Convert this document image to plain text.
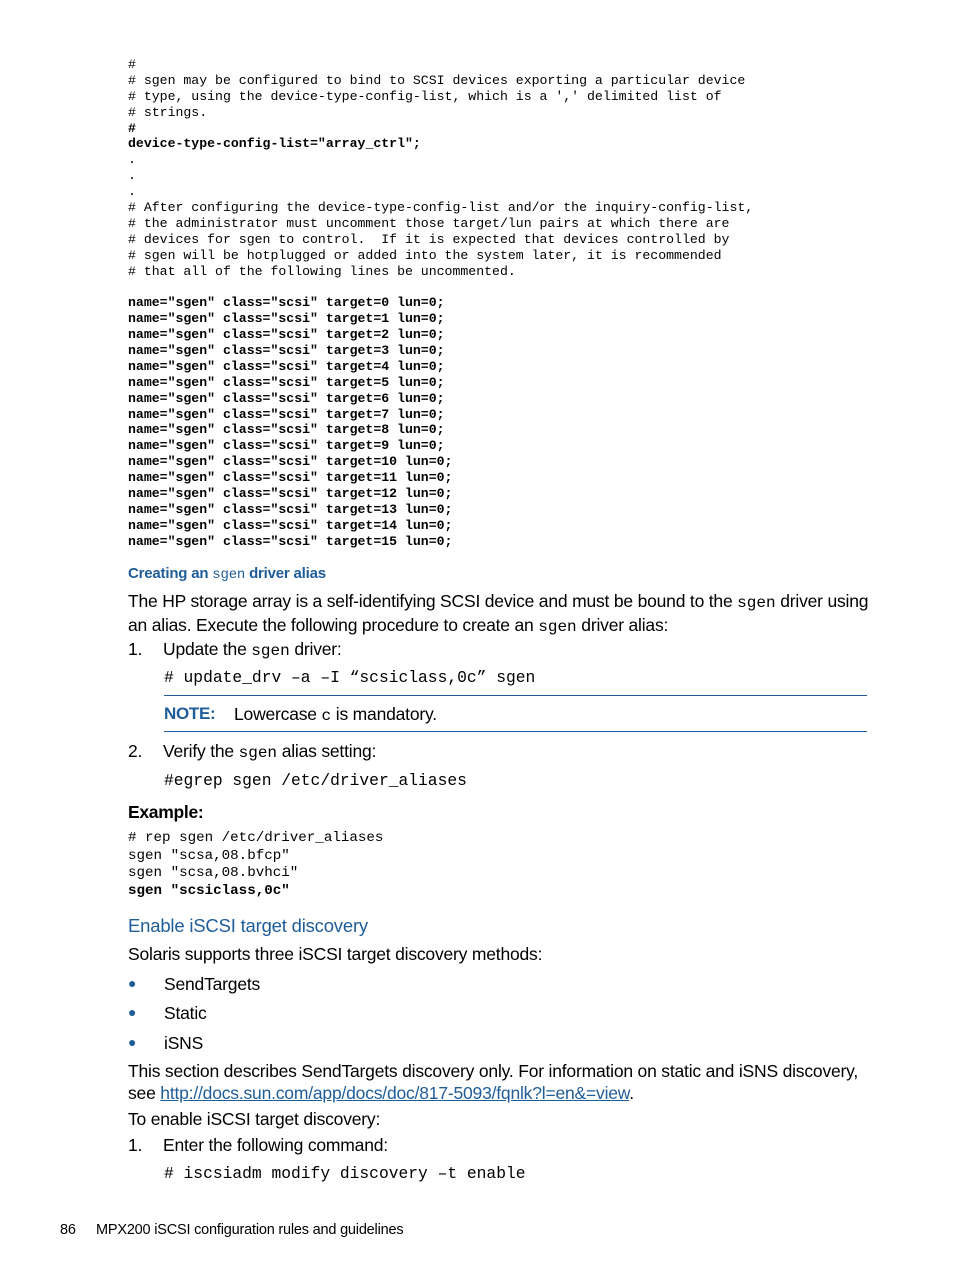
#
# sgen may be configured to bind to SCSI devices exporting a particular device
# type, using the device-type-config-list, which is a ',' delimited list of
# strings.
#
device-type-config-list="array_ctrl";
.
.
.
# After configuring the device-type-config-list and/or the inquiry-config-list,
# the administrator must uncomment those target/lun pairs at which there are
# devices for sgen to control.  If it is expected that devices controlled by
# sgen will be hotplugged or added into the system later, it is recommended
# that all of the following lines be uncommented.

name="sgen" class="scsi" target=0 lun=0;
name="sgen" class="scsi" target=1 lun=0;
name="sgen" class="scsi" target=2 lun=0;
name="sgen" class="scsi" target=3 lun=0;
name="sgen" class="scsi" target=4 lun=0;
name="sgen" class="scsi" target=5 lun=0;
name="sgen" class="scsi" target=6 lun=0;
name="sgen" class="scsi" target=7 lun=0;
name="sgen" class="scsi" target=8 lun=0;
name="sgen" class="scsi" target=9 lun=0;
name="sgen" class="scsi" target=10 lun=0;
name="sgen" class="scsi" target=11 lun=0;
name="sgen" class="scsi" target=12 lun=0;
name="sgen" class="scsi" target=13 lun=0;
name="sgen" class="scsi" target=14 lun=0;
name="sgen" class="scsi" target=15 lun=0;
Creating an sgen driver alias
The HP storage array is a self-identifying SCSI device and must be bound to the sgen driver using an alias. Execute the following procedure to create an sgen driver alias:
1. Update the sgen driver:
# update_drv –a –I “scsiclass,0c” sgen
NOTE: Lowercase c is mandatory.
2. Verify the sgen alias setting:
#egrep sgen /etc/driver_aliases
Example:
# rep sgen /etc/driver_aliases
sgen "scsa,08.bfcp"
sgen "scsa,08.bvhci"
sgen "scsiclass,0c"
Enable iSCSI target discovery
Solaris supports three iSCSI target discovery methods:
● SendTargets
● Static
● iSNS
This section describes SendTargets discovery only. For information on static and iSNS discovery, see http://docs.sun.com/app/docs/doc/817-5093/fqnlk?l=en&=view.
To enable iSCSI target discovery:
1. Enter the following command:
# iscsiadm modify discovery –t enable
86 MPX200 iSCSI configuration rules and guidelines
